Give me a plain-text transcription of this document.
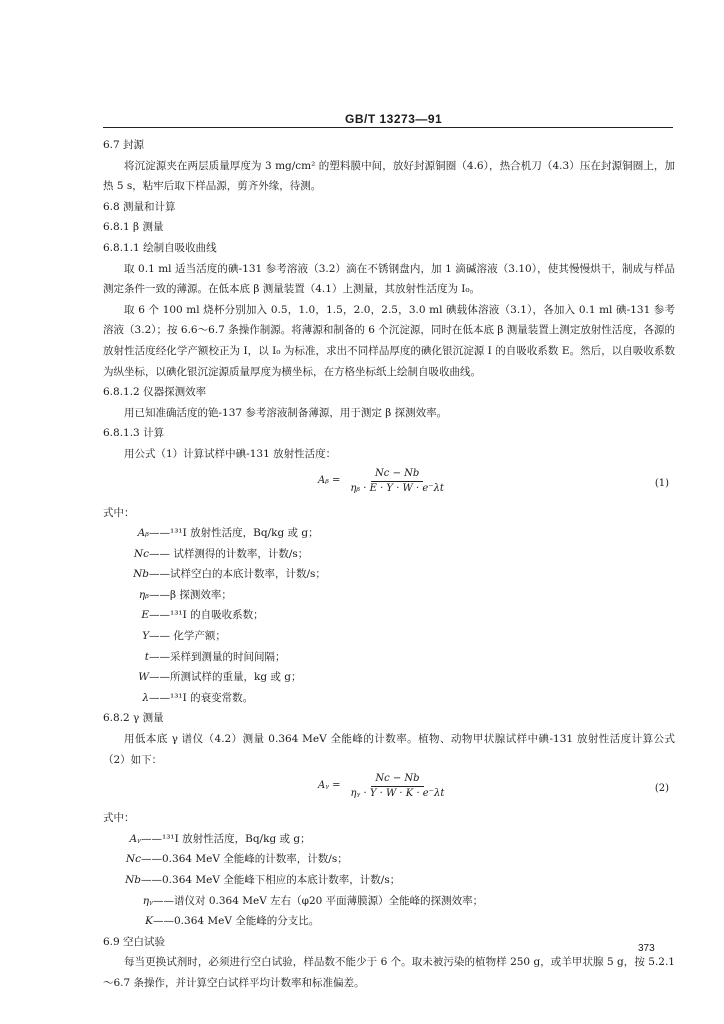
GB/T 13273—91

6.7 封源

将沉淀源夹在两层质量厚度为 3 mg/cm² 的塑料膜中间，放好封源铜圈（4.6），热合机刀（4.3）压在封源铜圈上，加热 5 s，粘牢后取下样品源，剪齐外缘，待测。

6.8 测量和计算

6.8.1 β 测量

6.8.1.1 绘制自吸收曲线

取 0.1 ml 适当活度的碘-131 参考溶液（3.2）滴在不锈钢盘内，加 1 滴碱溶液（3.10），使其慢慢烘干，制成与样品测定条件一致的薄源。在低本底 β 测量装置（4.1）上测量，其放射性活度为 I₀。

取 6 个 100 ml 烧杯分别加入 0.5，1.0，1.5，2.0，2.5，3.0 ml 碘载体溶液（3.1），各加入 0.1 ml 碘-131 参考溶液（3.2）；按 6.6～6.7 条操作制源。将薄源和制备的 6 个沉淀源，同时在低本底 β 测量装置上测定放射性活度，各源的放射性活度经化学产额校正为 I，以 I₀ 为标准，求出不同样品厚度的碘化银沉淀源 I 的自吸收系数 E。然后，以自吸收系数为纵坐标，以碘化银沉淀源质量厚度为横坐标，在方格坐标纸上绘制自吸收曲线。

6.8.1.2 仪器探测效率

用已知准确活度的铯-137 参考溶液制备薄源，用于测定 β 探测效率。

6.8.1.3 计算

用公式（1）计算试样中碘-131 放射性活度：

Aᵦ = $\frac{Nc - Nb}{\text{ηᵦ · E · Y · W · e⁻λt}}$	(1)

式中：

Aᵦ——¹³¹I 放射性活度，Bq/kg 或 g；

Nc—— 试样测得的计数率，计数/s；

Nb——试样空白的本底计数率，计数/s；

ηᵦ——β 探测效率；

E——¹³¹I 的自吸收系数；

Y—— 化学产额；

t——采样到测量的时间间隔；

W——所测试样的重量，kg 或 g；

λ——¹³¹I 的衰变常数。

6.8.2 γ 测量

用低本底 γ 谱仪（4.2）测量 0.364 MeV 全能峰的计数率。植物、动物甲状腺试样中碘-131 放射性活度计算公式（2）如下：

Aᵧ = $\frac{Nc - Nb}{\text{ηᵧ · Y · W · K · e⁻λt}}$	(2)

式中：

Aᵧ——¹³¹I 放射性活度，Bq/kg 或 g；

Nc——0.364 MeV 全能峰的计数率，计数/s；

Nb——0.364 MeV 全能峰下相应的本底计数率，计数/s；

ηᵧ——谱仪对 0.364 MeV 左右（φ20 平面薄膜源）全能峰的探测效率；

K——0.364 MeV 全能峰的分支比。

6.9 空白试验

每当更换试剂时，必须进行空白试验，样品数不能少于 6 个。取未被污染的植物样 250 g，或羊甲状腺 5 g，按 5.2.1～6.7 条操作，并计算空白试样平均计数率和标准偏差。

373
